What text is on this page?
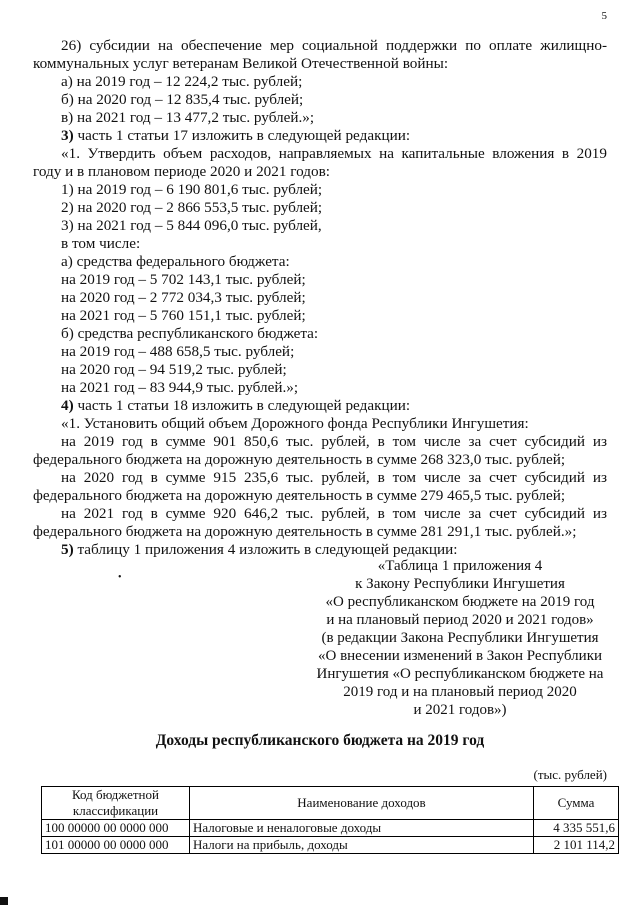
5
26) субсидии на обеспечение мер социальной поддержки по оплате жилищно-
коммунальных услуг ветеранам Великой Отечественной войны:
а) на 2019 год – 12 224,2 тыс. рублей;
б) на 2020 год – 12 835,4 тыс. рублей;
в) на 2021 год – 13 477,2 тыс. рублей.»;
3) часть 1 статьи 17 изложить в следующей редакции:
«1. Утвердить объем расходов, направляемых на капитальные вложения в 2019
году и в плановом периоде 2020 и 2021 годов:
1) на 2019 год – 6 190 801,6 тыс. рублей;
2) на 2020 год – 2 866 553,5 тыс. рублей;
3) на 2021 год – 5 844 096,0 тыс. рублей,
в том числе:
а) средства федерального бюджета:
на 2019 год – 5 702 143,1 тыс. рублей;
на 2020 год – 2 772 034,3 тыс. рублей;
на 2021 год – 5 760 151,1 тыс. рублей;
б) средства республиканского бюджета:
на 2019 год – 488 658,5 тыс. рублей;
на 2020 год – 94 519,2 тыс. рублей;
на 2021 год – 83 944,9 тыс. рублей.»;
4) часть 1 статьи 18 изложить в следующей редакции:
«1. Установить общий объем Дорожного фонда Республики Ингушетия:
на 2019 год в сумме 901 850,6 тыс. рублей, в том числе за счет субсидий из
федерального бюджета на дорожную деятельность в сумме 268 323,0 тыс. рублей;
на 2020 год в сумме 915 235,6 тыс. рублей, в том числе за счет субсидий из
федерального бюджета на дорожную деятельность в сумме 279 465,5 тыс. рублей;
на 2021 год в сумме 920 646,2 тыс. рублей, в том числе за счет субсидий из
федерального бюджета на дорожную деятельность в сумме 281 291,1 тыс. рублей.»;
5) таблицу 1 приложения 4 изложить в следующей редакции:
«Таблица 1 приложения 4
к Закону Республики Ингушетия
«О республиканском бюджете на 2019 год
и на плановый период 2020 и 2021 годов»
(в редакции Закона Республики Ингушетия
«О внесении изменений в Закон Республики
Ингушетия «О республиканском бюджете на
2019 год и на плановый период 2020
и 2021 годов»)
•
Доходы республиканского бюджета на 2019 год
(тыс. рублей)
Код бюджетной классификации	Наименование доходов	Сумма
100 00000 00 0000 000	Налоговые и неналоговые доходы	4 335 551,6
101 00000 00 0000 000	Налоги на прибыль, доходы	2 101 114,2
